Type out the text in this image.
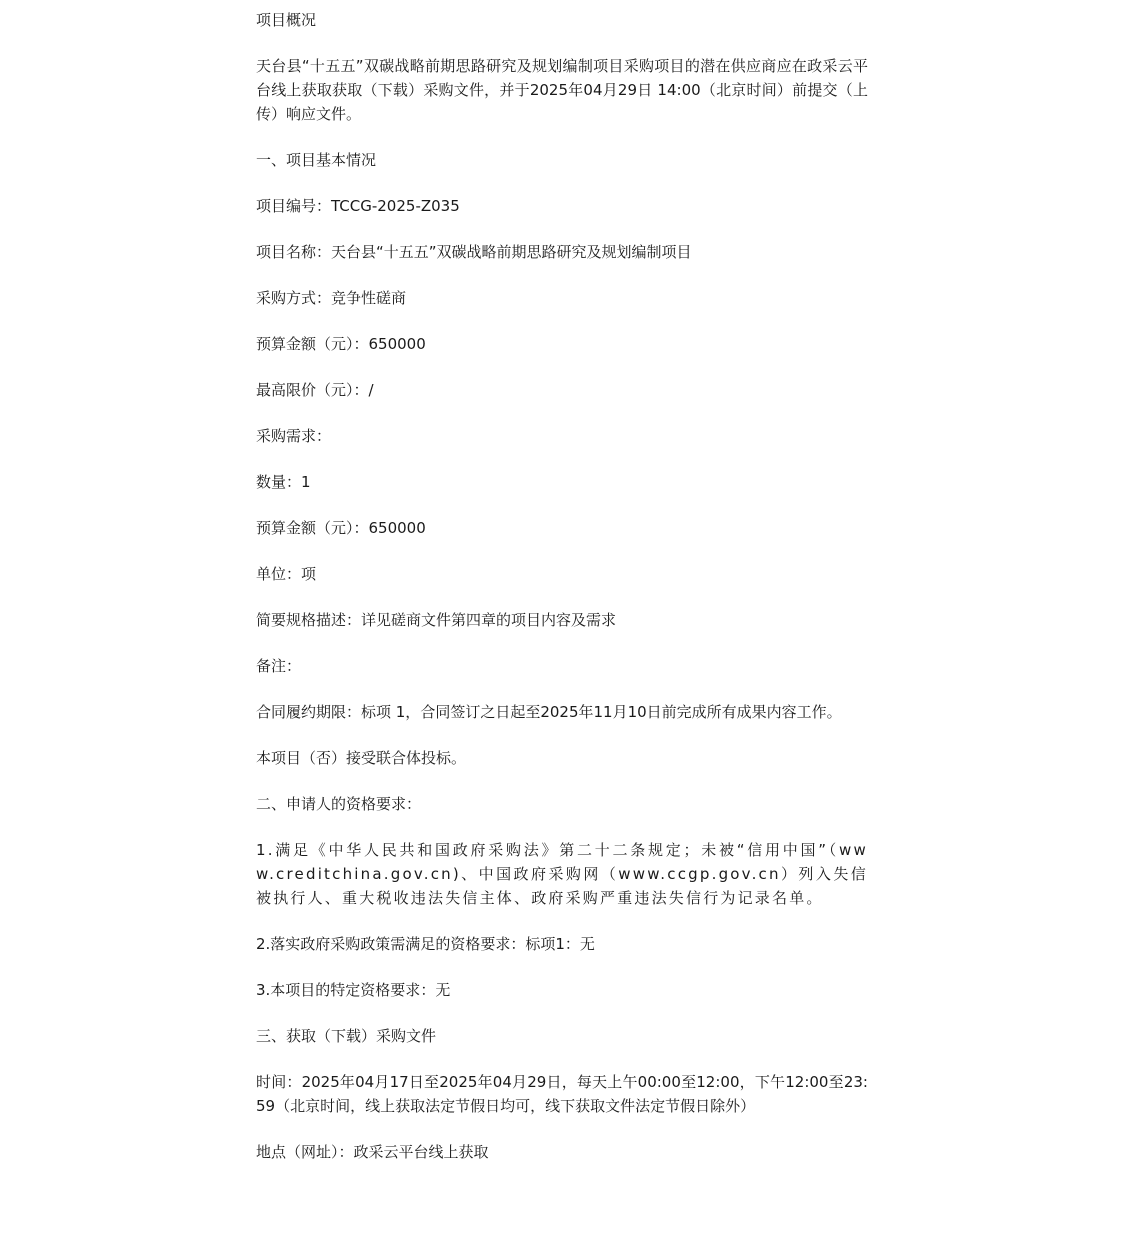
项目概况

天台县“十五五”双碳战略前期思路研究及规划编制项目采购项目的潜在供应商应在政采云平台线上获取获取（下载）采购文件，并于2025年04月29日 14:00（北京时间）前提交（上传）响应文件。

一、项目基本情况

项目编号：TCCG-2025-Z035

项目名称：天台县“十五五”双碳战略前期思路研究及规划编制项目

采购方式：竞争性磋商

预算金额（元）：650000

最高限价（元）：/

采购需求：

数量：1

预算金额（元）：650000

单位：项

简要规格描述：详见磋商文件第四章的项目内容及需求

备注：

合同履约期限：标项 1，合同签订之日起至2025年11月10日前完成所有成果内容工作。

本项目（否）接受联合体投标。

二、申请人的资格要求：

1.满足《中华人民共和国政府采购法》第二十二条规定；未被“信用中国”（www.creditchina.gov.cn)、中国政府采购网（www.ccgp.gov.cn）列入失信被执行人、重大税收违法失信主体、政府采购严重违法失信行为记录名单。

2.落实政府采购政策需满足的资格要求：标项1：无

3.本项目的特定资格要求：无

三、获取（下载）采购文件

时间：2025年04月17日至2025年04月29日，每天上午00:00至12:00，下午12:00至23:59（北京时间，线上获取法定节假日均可，线下获取文件法定节假日除外）

地点（网址）：政采云平台线上获取
